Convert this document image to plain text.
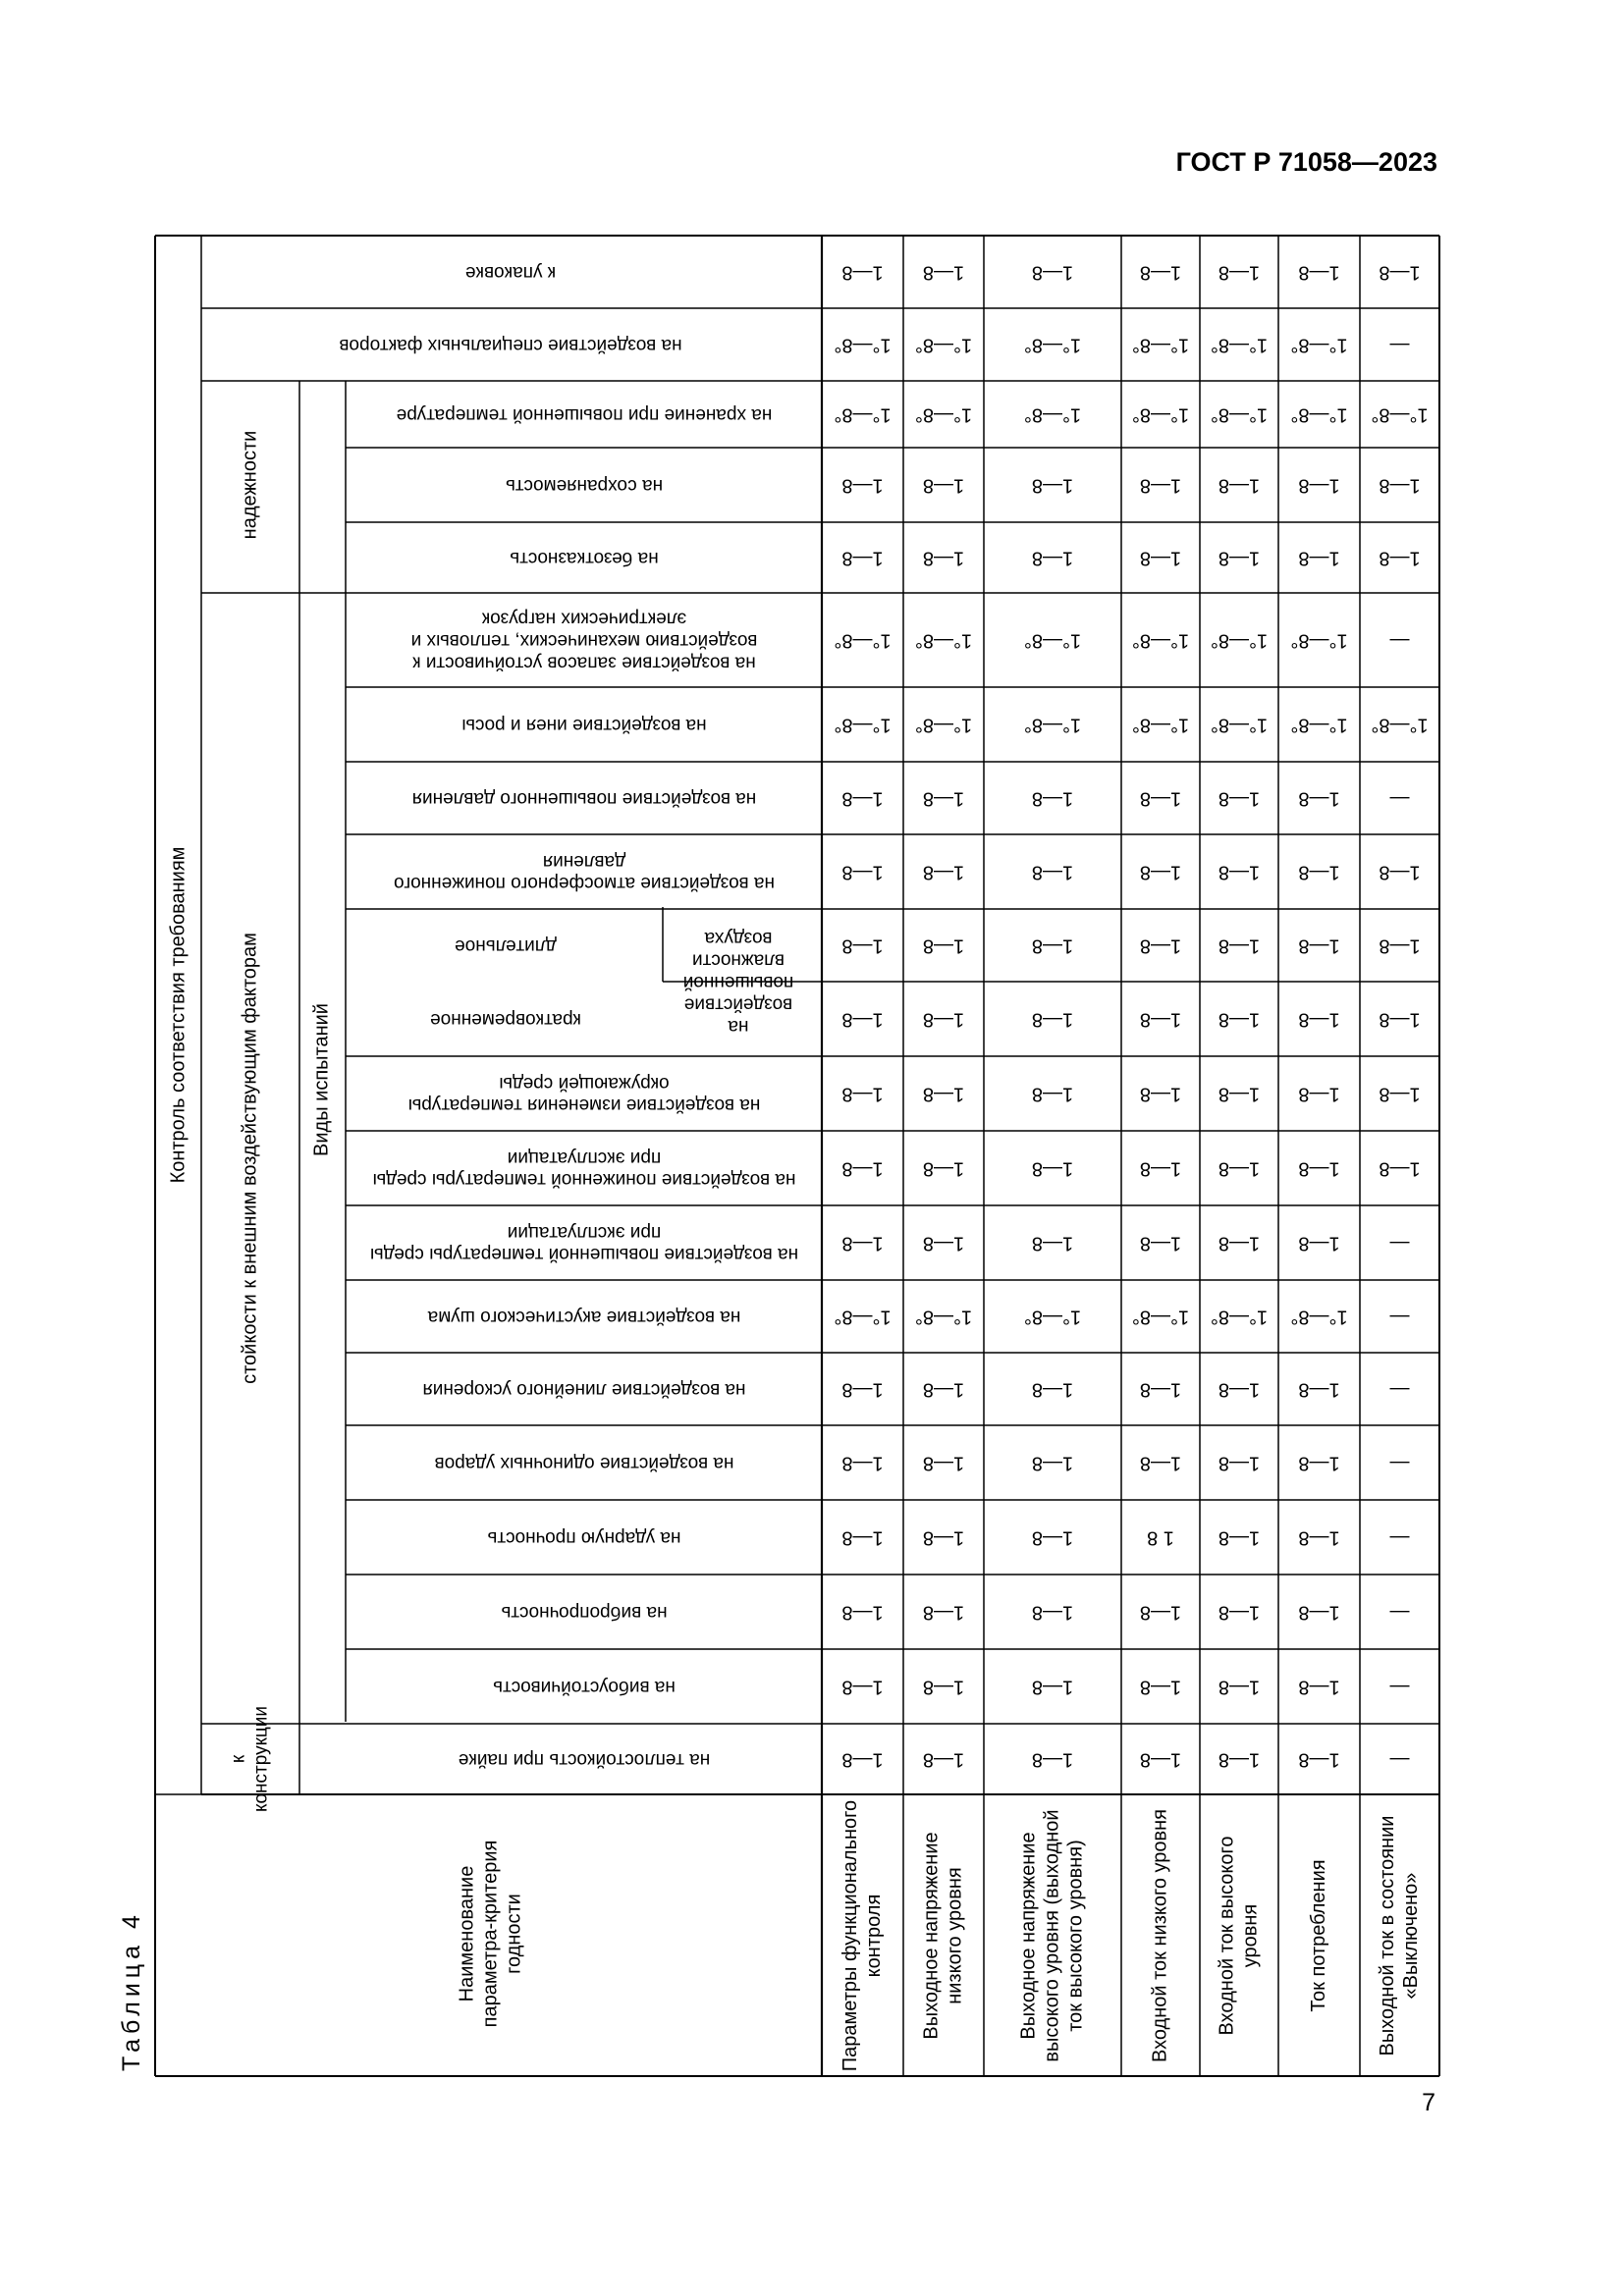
ГОСТ Р 71058—2023
7
Таблица 4
на теплостойкость при пайке
на вибоустойчивость
на вибропрочность
на ударную прочность
на воздействие одиночных ударов
на воздействие линейного ускорения
на воздействие акустического шума
на воздействие повышенной температуры средыпри эксплуатации
на воздействие пониженной температуры средыпри эксплуатации
на воздействие изменения температурыокружающей среды
кратковременное
длительное
на воздействие атмосферного пониженногодавления
на воздействие повышенного давления
на воздействие инея и росы
на воздействие запасов устойчивости квоздействию механических, тепловых иэлектрических нагрузок
на безотказность
на сохраняемость
на хранение при повышенной температуре
на воздействие специальных факторов
к упаковке
навоздействиеповышеннойвлажностивоздуха
Контроль соответствия требованиям
кконструкции
стойкости к внешним воздействующим факторам
надежности
Виды испытаний
Наименование параметра-критерия годности	Параметры функционального контроля
1—8
1—8
1—8
1—8
1—8
1—8
1°—8°
1—8
1—8
1—8
1—8
1—8
1—8
1—8
1°—8°
1°—8°
1—8
1—8
1°—8°
1°—8°
1—8
Выходное напряжение низкого уровня
1—8
1—8
1—8
1—8
1—8
1—8
1°—8°
1—8
1—8
1—8
1—8
1—8
1—8
1—8
1°—8°
1°—8°
1—8
1—8
1°—8°
1°—8°
1—8
Выходное напряжение высокого уровня (выходной ток высокого уровня)
1—8
1—8
1—8
1—8
1—8
1—8
1°—8°
1—8
1—8
1—8
1—8
1—8
1—8
1—8
1°—8°
1°—8°
1—8
1—8
1°—8°
1°—8°
1—8
Входной ток низкого уровня
1—8
1—8
1—8
1 8
1—8
1—8
1°—8°
1—8
1—8
1—8
1—8
1—8
1—8
1—8
1°—8°
1°—8°
1—8
1—8
1°—8°
1°—8°
1—8
Входной ток высокого уровня
1—8
1—8
1—8
1—8
1—8
1—8
1°—8°
1—8
1—8
1—8
1—8
1—8
1—8
1—8
1°—8°
1°—8°
1—8
1—8
1°—8°
1°—8°
1—8
Ток потребления
1—8
1—8
1—8
1—8
1—8
1—8
1°—8°
1—8
1—8
1—8
1—8
1—8
1—8
1—8
1°—8°
1°—8°
1—8
1—8
1°—8°
1°—8°
1—8
Выходной ток в состоянии «Выключено»
—
—
—
—
—
—
—
—
1—8
1—8
1—8
1—8
1—8
—
1°—8°
—
1—8
1—8
1°—8°
—
1—8
